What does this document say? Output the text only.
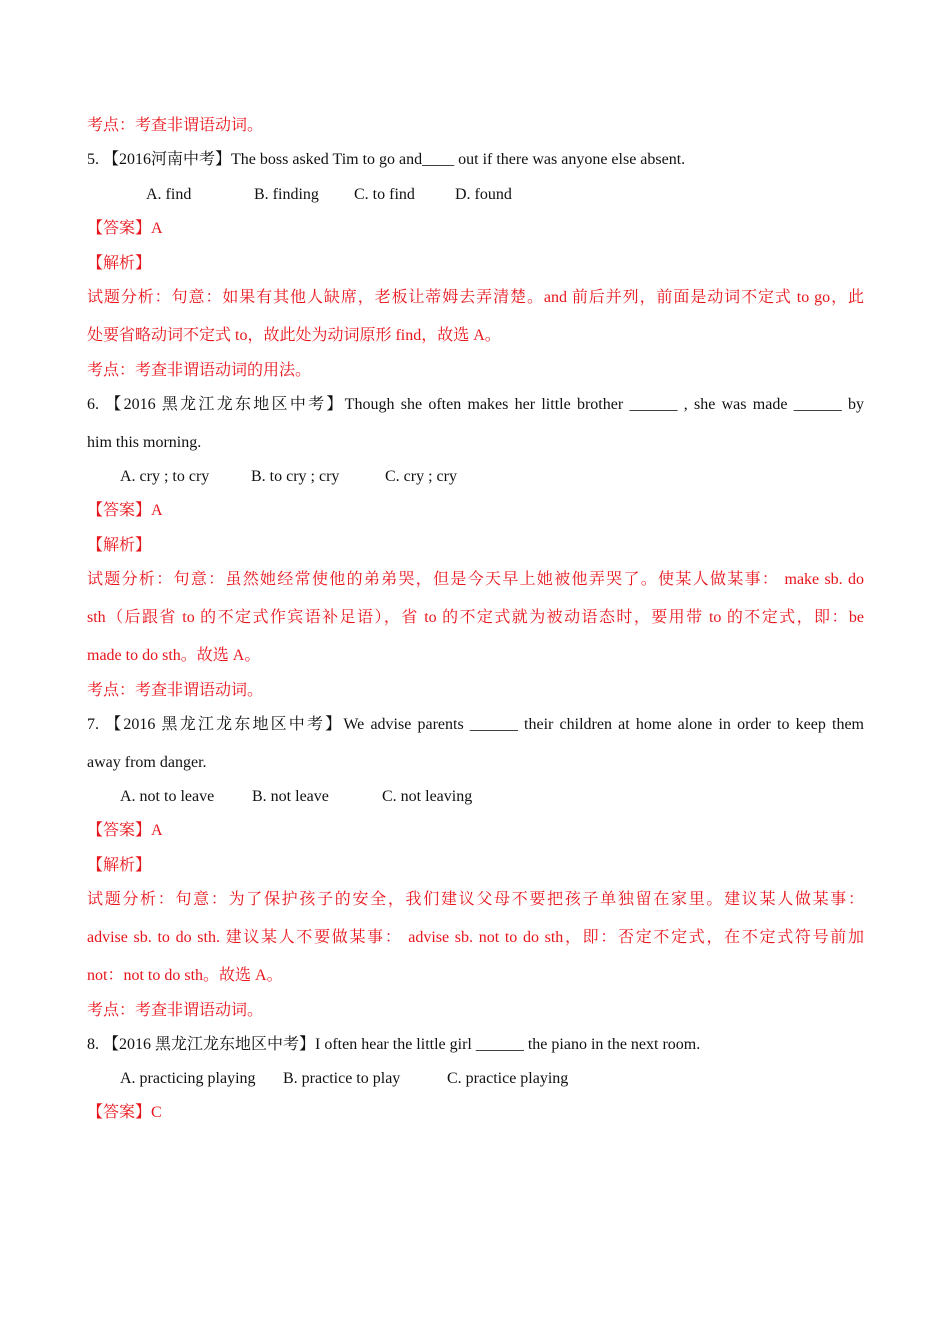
考点：考查非谓语动词。
5. 【2016河南中考】The boss asked Tim to go and____ out if there was anyone else absent.
A. find	B. finding C. to find	D. found
【答案】A
【解析】
试题分析：句意：如果有其他人缺席，老板让蒂姆去弄清楚。and 前后并列，前面是动词不定式 to go，此
处要省略动词不定式 to，故此处为动词原形 find，故选 A。
考点：考查非谓语动词的用法。
6. 【2016 黑龙江龙东地区中考】Though she often makes her little brother ______ , she was made ______ by
him this morning.
A. cry ; to cry	B. to cry ; cry	C. cry ; cry
【答案】A
【解析】
试题分析：句意：虽然她经常使他的弟弟哭，但是今天早上她被他弄哭了。使某人做某事： make sb. do
sth（后跟省 to 的不定式作宾语补足语），省 to 的不定式就为被动语态时，要用带 to 的不定式，即：be
made to do sth。故选 A。
考点：考查非谓语动词。
7. 【2016 黑龙江龙东地区中考】We advise parents ______ their children at home alone in order to keep them
away from danger.
A. not to leave B. not leave	C. not leaving
【答案】A
【解析】
试题分析：句意：为了保护孩子的安全，我们建议父母不要把孩子单独留在家里。建议某人做某事：
advise sb. to do sth. 建议某人不要做某事： advise sb. not to do sth，即：否定不定式，在不定式符号前加
not：not to do sth。故选 A。
考点：考查非谓语动词。
8. 【2016 黑龙江龙东地区中考】I often hear the little girl ______ the piano in the next room.
A. practicing playing B. practice to play	C. practice playing
【答案】C
